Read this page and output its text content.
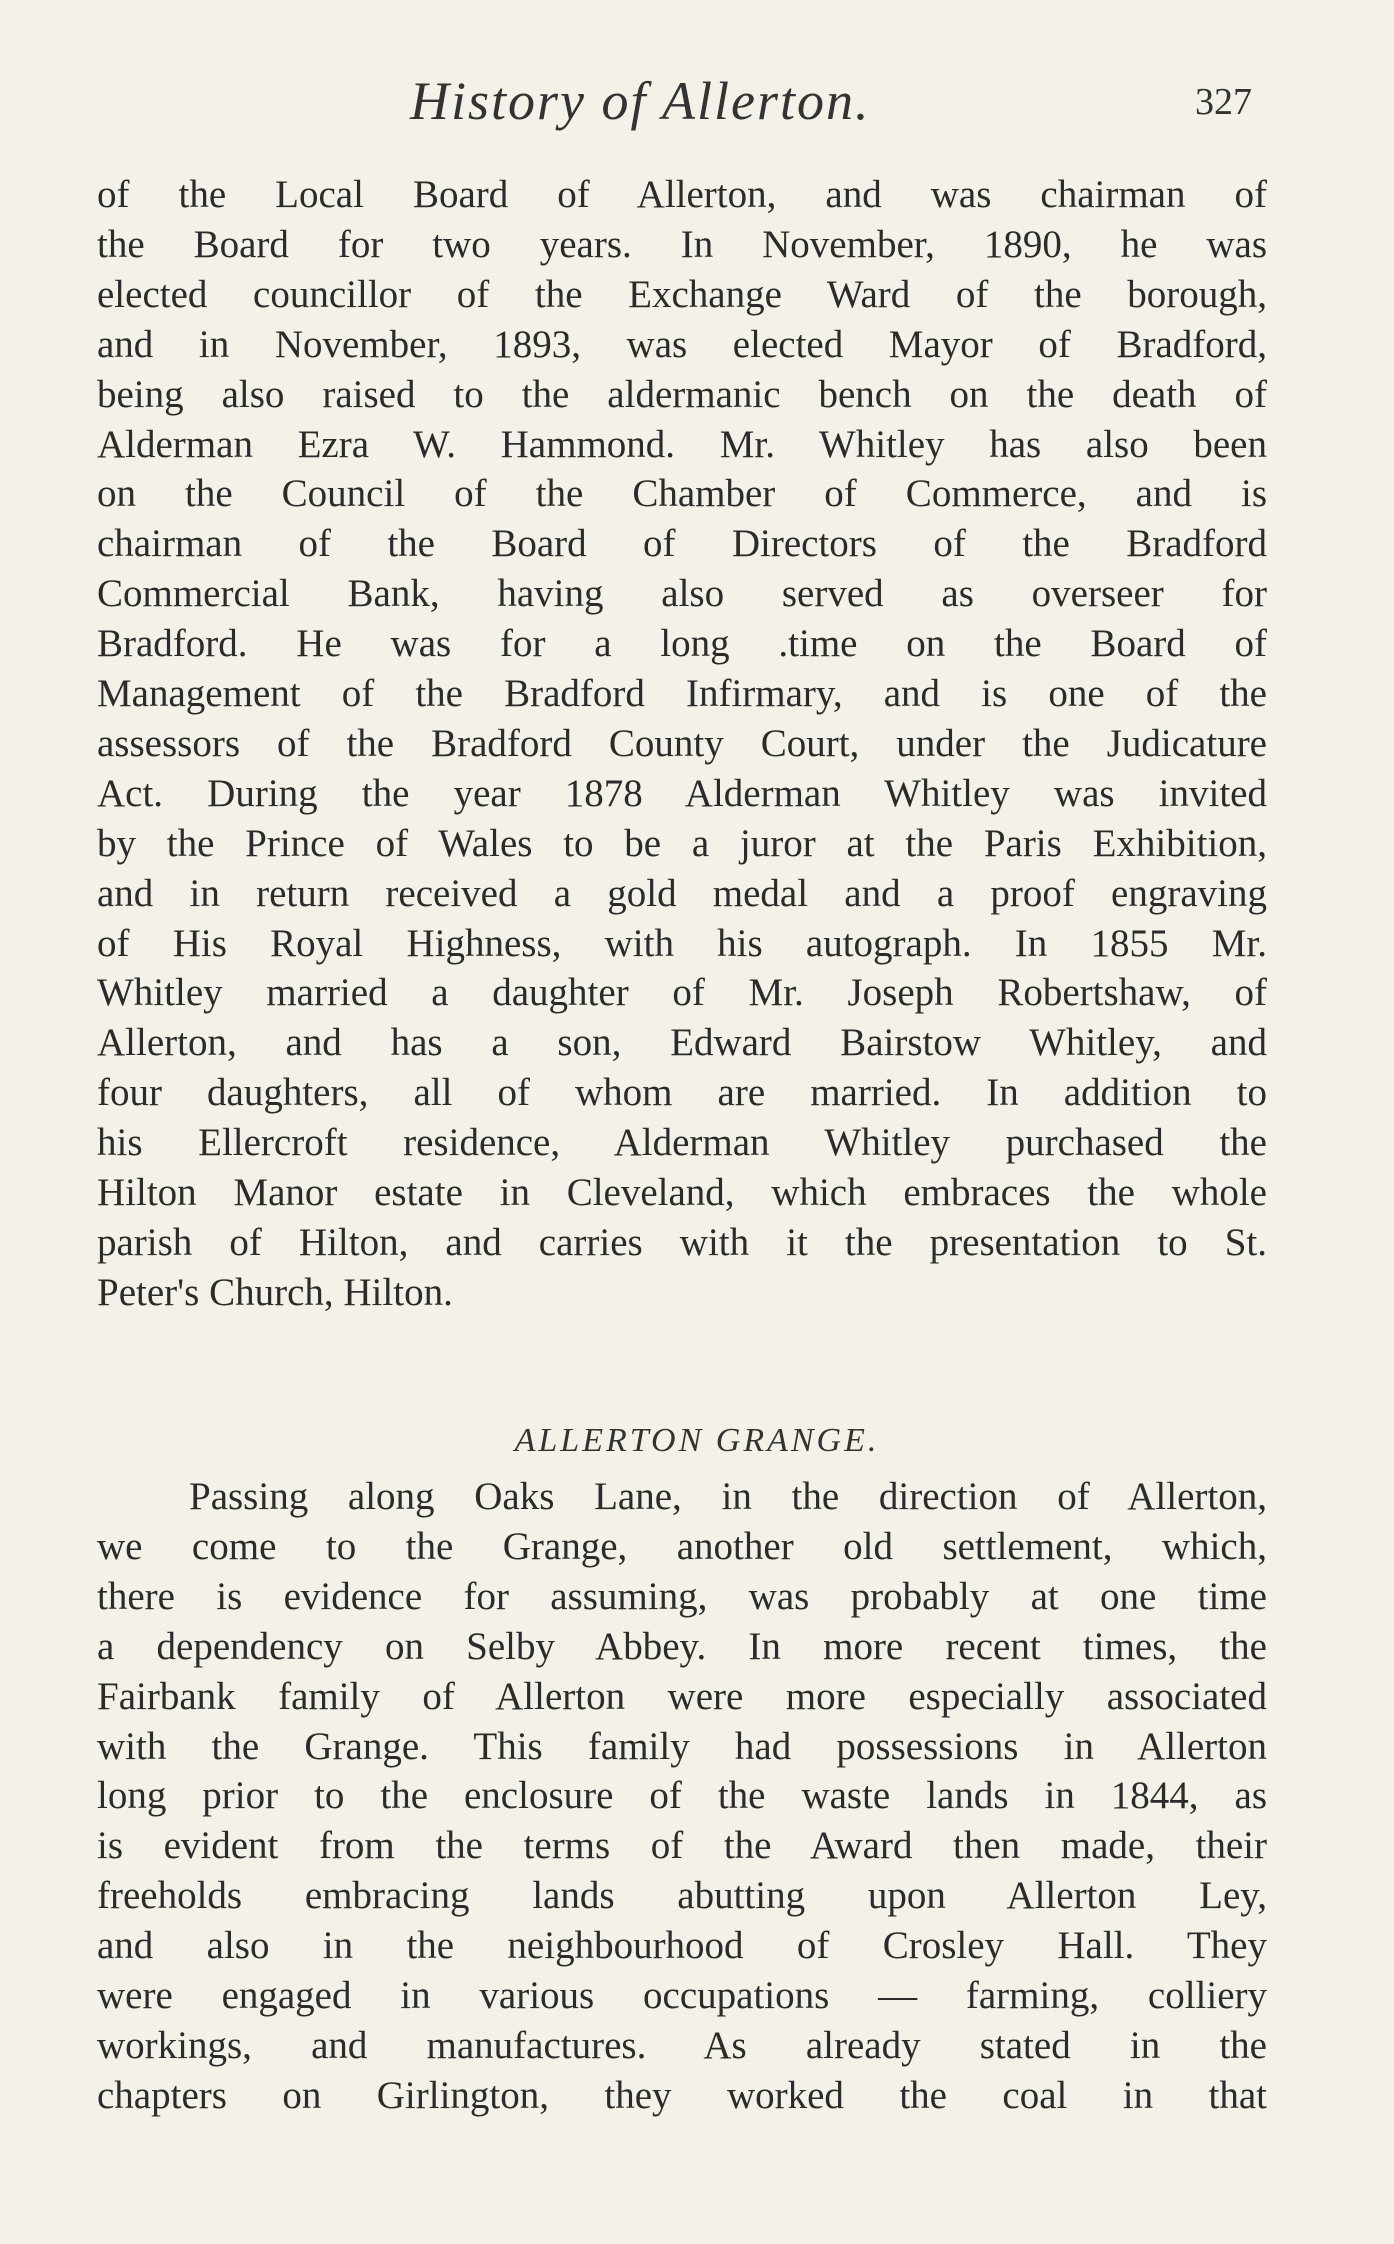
History of Allerton.	327
of the Local Board of Allerton, and was chairman of
the Board for two years. In November, 1890, he was
elected councillor of the Exchange Ward of the borough,
and in November, 1893, was elected Mayor of Bradford,
being also raised to the aldermanic bench on the death of
Alderman Ezra W. Hammond. Mr. Whitley has also been
on the Council of the Chamber of Commerce, and is
chairman of the Board of Directors of the Bradford
Commercial Bank, having also served as overseer for
Bradford. He was for a long .time on the Board of
Management of the Bradford Infirmary, and is one of the
assessors of the Bradford County Court, under the Judicature
Act. During the year 1878 Alderman Whitley was invited
by the Prince of Wales to be a juror at the Paris Exhibition,
and in return received a gold medal and a proof engraving
of His Royal Highness, with his autograph. In 1855 Mr.
Whitley married a daughter of Mr. Joseph Robertshaw, of
Allerton, and has a son, Edward Bairstow Whitley, and
four daughters, all of whom are married. In addition to
his Ellercroft residence, Alderman Whitley purchased the
Hilton Manor estate in Cleveland, which embraces the whole
parish of Hilton, and carries with it the presentation to St.
Peter's Church, Hilton.
ALLERTON GRANGE.
Passing along Oaks Lane, in the direction of Allerton,
we come to the Grange, another old settlement, which,
there is evidence for assuming, was probably at one time
a dependency on Selby Abbey. In more recent times, the
Fairbank family of Allerton were more especially associated
with the Grange. This family had possessions in Allerton
long prior to the enclosure of the waste lands in 1844, as
is evident from the terms of the Award then made, their
freeholds embracing lands abutting upon Allerton Ley,
and also in the neighbourhood of Crosley Hall. They
were engaged in various occupations — farming, colliery
workings, and manufactures. As already stated in the
chapters on Girlington, they worked the coal in that
